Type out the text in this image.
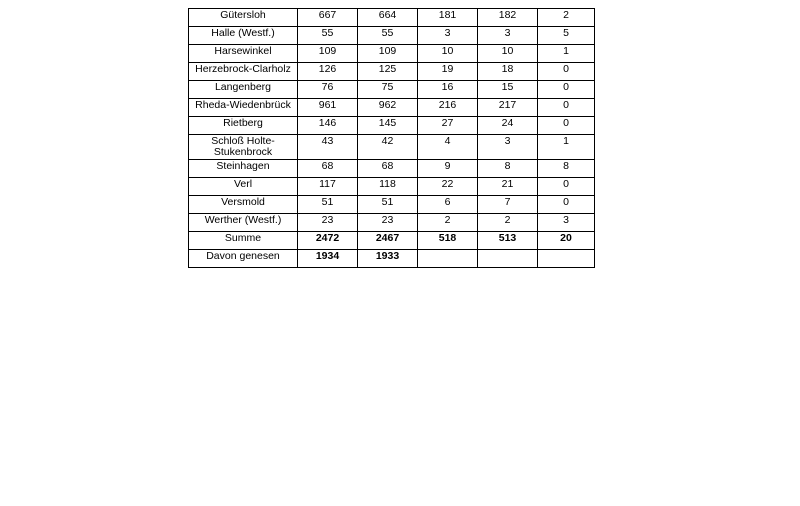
Gütersloh	667	664	181	182	2
Halle (Westf.)	55	55	3	3	5
Harsewinkel	109	109	10	10	1
Herzebrock-Clarholz	126	125	19	18	0
Langenberg	76	75	16	15	0
Rheda-Wiedenbrück	961	962	216	217	0
Rietberg	146	145	27	24	0
Schloß Holte-Stukenbrock	43	42	4	3	1
Steinhagen	68	68	9	8	8
Verl	117	118	22	21	0
Versmold	51	51	6	7	0
Werther (Westf.)	23	23	2	2	3
Summe	2472	2467	518	513	20
Davon genesen	1934	1933			
